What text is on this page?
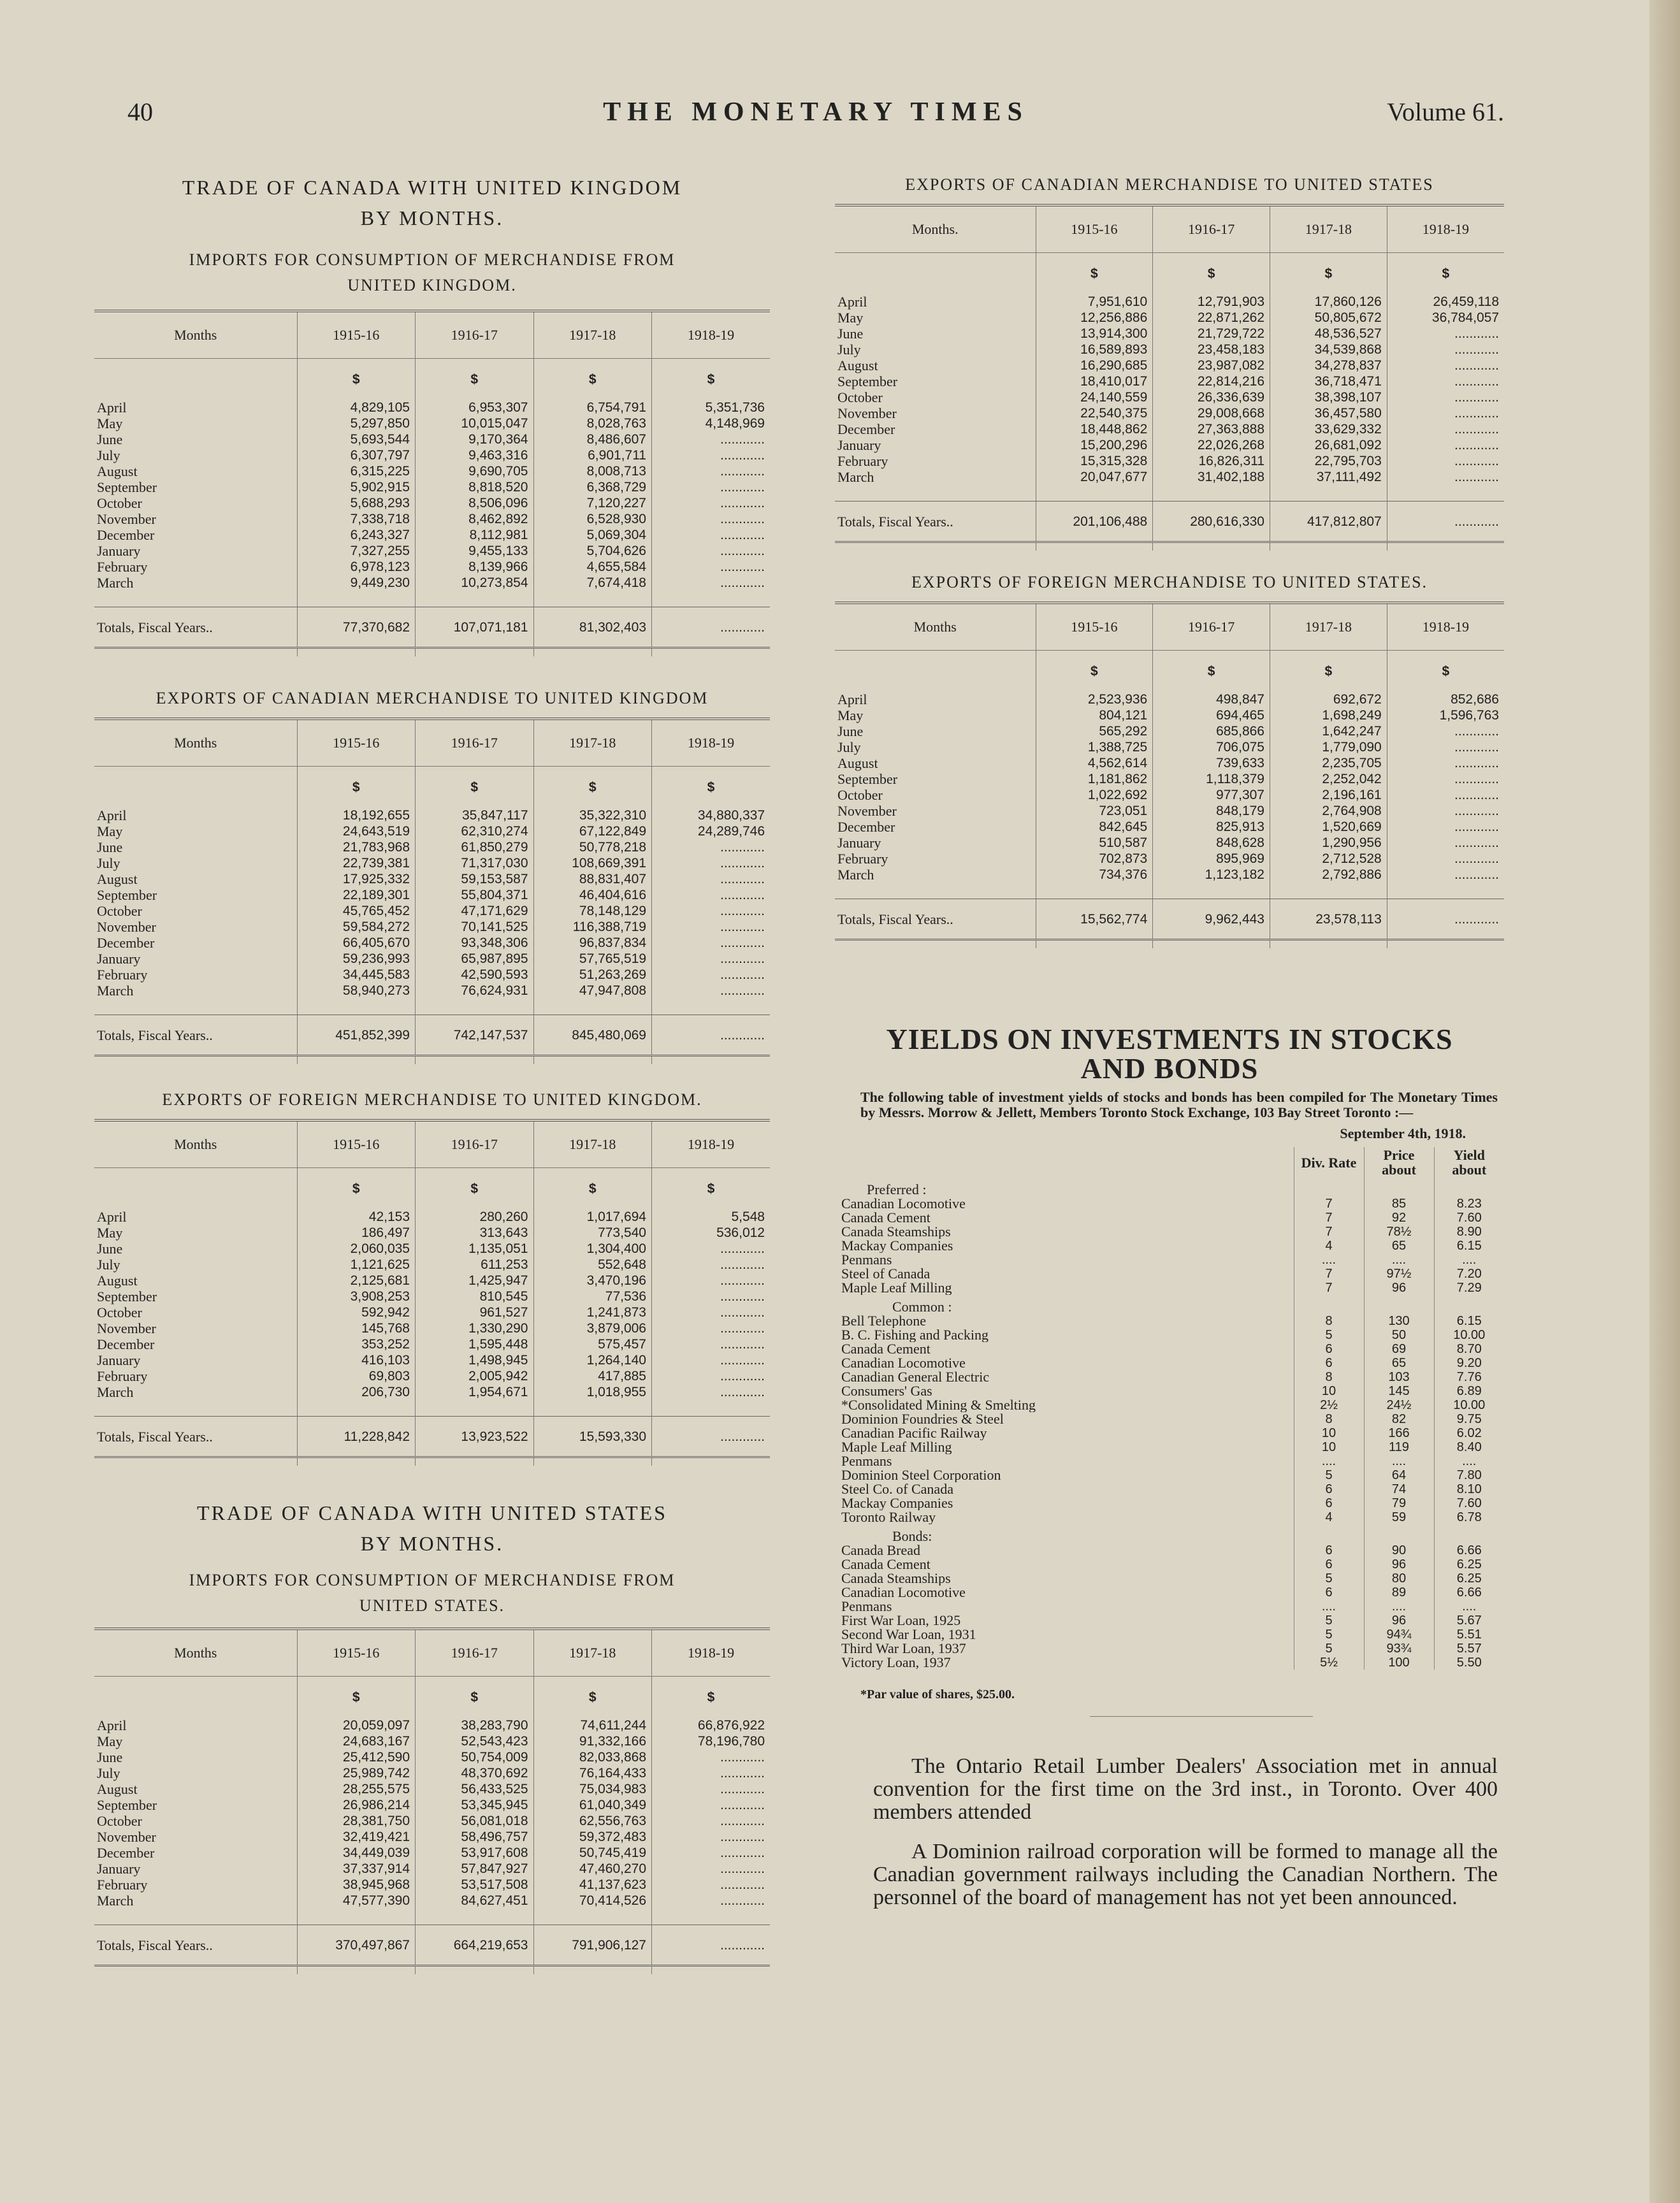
40	THE MONETARY TIMES	Volume 61.
TRADE OF CANADA WITH UNITED KINGDOM
BY MONTHS.
IMPORTS FOR CONSUMPTION OF MERCHANDISE FROM
UNITED KINGDOM.
Months	1915-16	1916-17	1917-18	1918-19
	$	$	$	$
April	4,829,105	6,953,307	6,754,791	5,351,736
May	5,297,850	10,015,047	8,028,763	4,148,969
June	5,693,544	9,170,364	8,486,607	............
July	6,307,797	9,463,316	6,901,711	............
August	6,315,225	9,690,705	8,008,713	............
September	5,902,915	8,818,520	6,368,729	............
October	5,688,293	8,506,096	7,120,227	............
November	7,338,718	8,462,892	6,528,930	............
December	6,243,327	8,112,981	5,069,304	............
January	7,327,255	9,455,133	5,704,626	............
February	6,978,123	8,139,966	4,655,584	............
March	9,449,230	10,273,854	7,674,418	............

Totals, Fiscal Years..	77,370,682	107,071,181	81,302,403	............

EXPORTS OF CANADIAN MERCHANDISE TO UNITED KINGDOM
Months	1915-16	1916-17	1917-18	1918-19
	$	$	$	$
April	18,192,655	35,847,117	35,322,310	34,880,337
May	24,643,519	62,310,274	67,122,849	24,289,746
June	21,783,968	61,850,279	50,778,218	............
July	22,739,381	71,317,030	108,669,391	............
August	17,925,332	59,153,587	88,831,407	............
September	22,189,301	55,804,371	46,404,616	............
October	45,765,452	47,171,629	78,148,129	............
November	59,584,272	70,141,525	116,388,719	............
December	66,405,670	93,348,306	96,837,834	............
January	59,236,993	65,987,895	57,765,519	............
February	34,445,583	42,590,593	51,263,269	............
March	58,940,273	76,624,931	47,947,808	............

Totals, Fiscal Years..	451,852,399	742,147,537	845,480,069	............

EXPORTS OF FOREIGN MERCHANDISE TO UNITED KINGDOM.
Months	1915-16	1916-17	1917-18	1918-19
	$	$	$	$
April	42,153	280,260	1,017,694	5,548
May	186,497	313,643	773,540	536,012
June	2,060,035	1,135,051	1,304,400	............
July	1,121,625	611,253	552,648	............
August	2,125,681	1,425,947	3,470,196	............
September	3,908,253	810,545	77,536	............
October	592,942	961,527	1,241,873	............
November	145,768	1,330,290	3,879,006	............
December	353,252	1,595,448	575,457	............
January	416,103	1,498,945	1,264,140	............
February	69,803	2,005,942	417,885	............
March	206,730	1,954,671	1,018,955	............

Totals, Fiscal Years..	11,228,842	13,923,522	15,593,330	............

TRADE OF CANADA WITH UNITED STATES
BY MONTHS.
IMPORTS FOR CONSUMPTION OF MERCHANDISE FROM
UNITED STATES.
Months	1915-16	1916-17	1917-18	1918-19
	$	$	$	$
April	20,059,097	38,283,790	74,611,244	66,876,922
May	24,683,167	52,543,423	91,332,166	78,196,780
June	25,412,590	50,754,009	82,033,868	............
July	25,989,742	48,370,692	76,164,433	............
August	28,255,575	56,433,525	75,034,983	............
September	26,986,214	53,345,945	61,040,349	............
October	28,381,750	56,081,018	62,556,763	............
November	32,419,421	58,496,757	59,372,483	............
December	34,449,039	53,917,608	50,745,419	............
January	37,337,914	57,847,927	47,460,270	............
February	38,945,968	53,517,508	41,137,623	............
March	47,577,390	84,627,451	70,414,526	............

Totals, Fiscal Years..	370,497,867	664,219,653	791,906,127	............

EXPORTS OF CANADIAN MERCHANDISE TO UNITED STATES
Months.	1915-16	1916-17	1917-18	1918-19
	$	$	$	$
April	7,951,610	12,791,903	17,860,126	26,459,118
May	12,256,886	22,871,262	50,805,672	36,784,057
June	13,914,300	21,729,722	48,536,527	............
July	16,589,893	23,458,183	34,539,868	............
August	16,290,685	23,987,082	34,278,837	............
September	18,410,017	22,814,216	36,718,471	............
October	24,140,559	26,336,639	38,398,107	............
November	22,540,375	29,008,668	36,457,580	............
December	18,448,862	27,363,888	33,629,332	............
January	15,200,296	22,026,268	26,681,092	............
February	15,315,328	16,826,311	22,795,703	............
March	20,047,677	31,402,188	37,111,492	............

Totals, Fiscal Years..	201,106,488	280,616,330	417,812,807	............

EXPORTS OF FOREIGN MERCHANDISE TO UNITED STATES.
Months	1915-16	1916-17	1917-18	1918-19
	$	$	$	$
April	2,523,936	498,847	692,672	852,686
May	804,121	694,465	1,698,249	1,596,763
June	565,292	685,866	1,642,247	............
July	1,388,725	706,075	1,779,090	............
August	4,562,614	739,633	2,235,705	............
September	1,181,862	1,118,379	2,252,042	............
October	1,022,692	977,307	2,196,161	............
November	723,051	848,179	2,764,908	............
December	842,645	825,913	1,520,669	............
January	510,587	848,628	1,290,956	............
February	702,873	895,969	2,712,528	............
March	734,376	1,123,182	2,792,886	............

Totals, Fiscal Years..	15,562,774	9,962,443	23,578,113	............

YIELDS ON INVESTMENTS IN STOCKS
AND BONDS
The following table of investment yields of stocks and bonds has been compiled for The Monetary Times by Messrs. Morrow & Jellett, Members Toronto Stock Exchange, 103 Bay Street Toronto :—
September 4th, 1918.
	Div. Rate	Price about	Yield about
Preferred :			
Canadian Locomotive	7	85	8.23
Canada Cement	7	92	7.60
Canada Steamships	7	78½	8.90
Mackay Companies	4	65	6.15
Penmans	....	....	....
Steel of Canada	7	97½	7.20
Maple Leaf Milling	7	96	7.29
Common :			
Bell Telephone	8	130	6.15
B. C. Fishing and Packing	5	50	10.00
Canada Cement	6	69	8.70
Canadian Locomotive	6	65	9.20
Canadian General Electric	8	103	7.76
Consumers' Gas	10	145	6.89
*Consolidated Mining & Smelting	2½	24½	10.00
Dominion Foundries & Steel	8	82	9.75
Canadian Pacific Railway	10	166	6.02
Maple Leaf Milling	10	119	8.40
Penmans	....	....	....
Dominion Steel Corporation	5	64	7.80
Steel Co. of Canada	6	74	8.10
Mackay Companies	6	79	7.60
Toronto Railway	4	59	6.78
Bonds:			
Canada Bread	6	90	6.66
Canada Cement	6	96	6.25
Canada Steamships	5	80	6.25
Canadian Locomotive	6	89	6.66
Penmans	....	....	....
First War Loan, 1925	5	96	5.67
Second War Loan, 1931	5	94¾	5.51
Third War Loan, 1937	5	93¾	5.57
Victory Loan, 1937	5½	100	5.50
*Par value of shares, $25.00.
The Ontario Retail Lumber Dealers' Association met in annual convention for the first time on the 3rd inst., in Toronto. Over 400 members attended
A Dominion railroad corporation will be formed to manage all the Canadian government railways including the Canadian Northern. The personnel of the board of management has not yet been announced.
